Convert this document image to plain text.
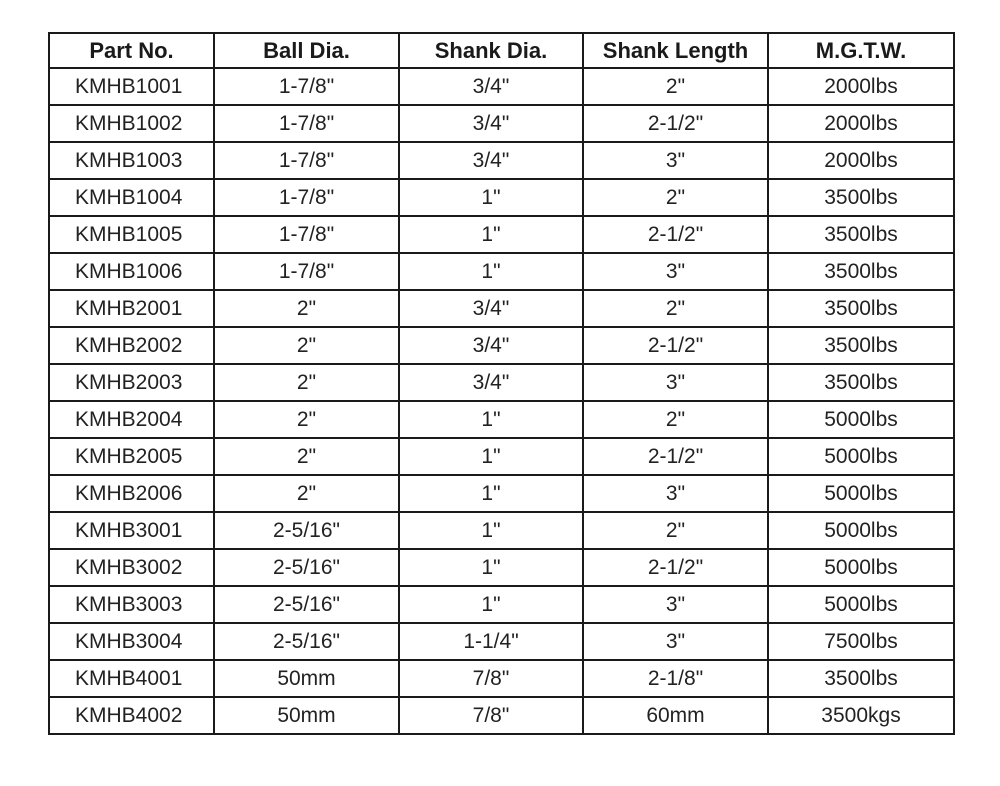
Part No.	Ball Dia.	Shank Dia.	Shank Length	M.G.T.W.
KMHB1001	1-7/8"	3/4"	2"	2000lbs
KMHB1002	1-7/8"	3/4"	2-1/2"	2000lbs
KMHB1003	1-7/8"	3/4"	3"	2000lbs
KMHB1004	1-7/8"	1"	2"	3500lbs
KMHB1005	1-7/8"	1"	2-1/2"	3500lbs
KMHB1006	1-7/8"	1"	3"	3500lbs
KMHB2001	2"	3/4"	2"	3500lbs
KMHB2002	2"	3/4"	2-1/2"	3500lbs
KMHB2003	2"	3/4"	3"	3500lbs
KMHB2004	2"	1"	2"	5000lbs
KMHB2005	2"	1"	2-1/2"	5000lbs
KMHB2006	2"	1"	3"	5000lbs
KMHB3001	2-5/16"	1"	2"	5000lbs
KMHB3002	2-5/16"	1"	2-1/2"	5000lbs
KMHB3003	2-5/16"	1"	3"	5000lbs
KMHB3004	2-5/16"	1-1/4"	3"	7500lbs
KMHB4001	50mm	7/8"	2-1/8"	3500lbs
KMHB4002	50mm	7/8"	60mm	3500kgs
